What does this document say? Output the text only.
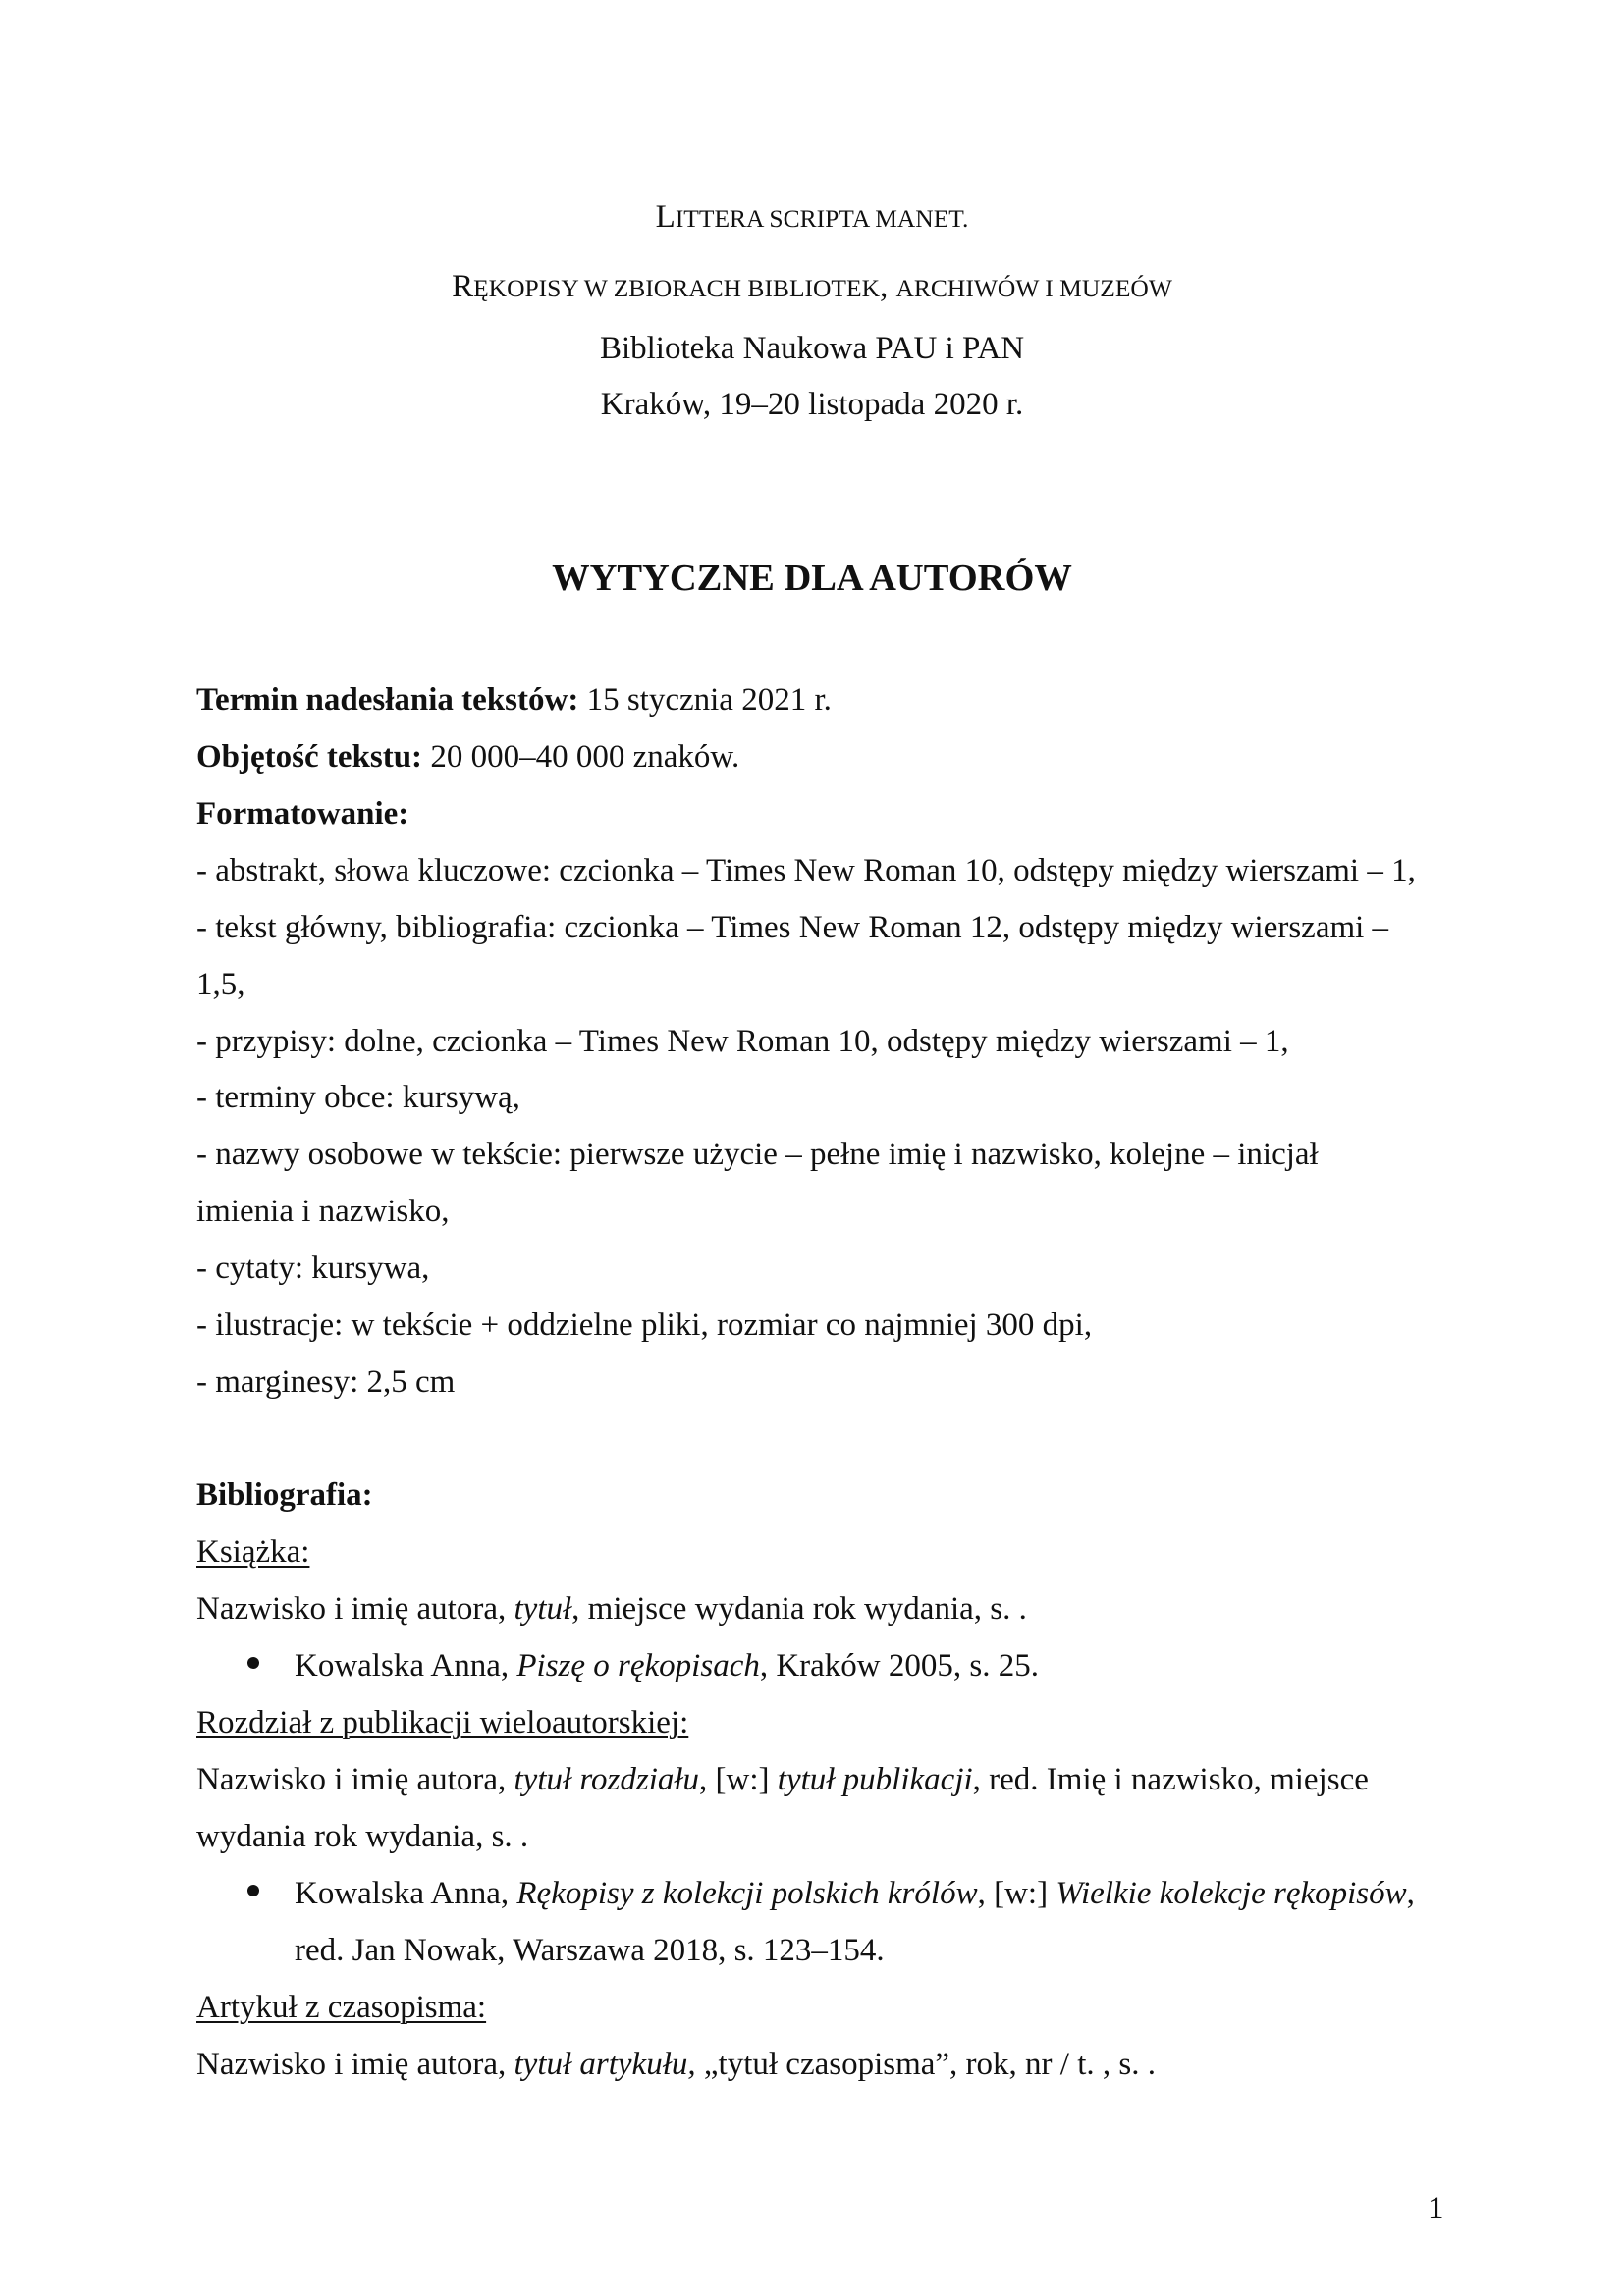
LITTERA SCRIPTA MANET.

RĘKOPISY W ZBIORACH BIBLIOTEK, ARCHIWÓW I MUZEÓW

Biblioteka Naukowa PAU i PAN

Kraków, 19–20 listopada 2020 r.

WYTYCZNE DLA AUTORÓW

Termin nadesłania tekstów: 15 stycznia 2021 r.

Objętość tekstu: 20 000–40 000 znaków.

Formatowanie:

- abstrakt, słowa kluczowe: czcionka – Times New Roman 10, odstępy między wierszami – 1,

- tekst główny, bibliografia: czcionka – Times New Roman 12, odstępy między wierszami –

1,5,

- przypisy: dolne, czcionka – Times New Roman 10, odstępy między wierszami – 1,

- terminy obce: kursywą,

- nazwy osobowe w tekście: pierwsze użycie – pełne imię i nazwisko, kolejne – inicjał

imienia i nazwisko,

- cytaty: kursywa,

- ilustracje: w tekście + oddzielne pliki, rozmiar co najmniej 300 dpi,

- marginesy: 2,5 cm

Bibliografia:

Książka:

Nazwisko i imię autora, tytuł, miejsce wydania rok wydania, s. .

Kowalska Anna, Piszę o rękopisach, Kraków 2005, s. 25.

Rozdział z publikacji wieloautorskiej:

Nazwisko i imię autora, tytuł rozdziału, [w:] tytuł publikacji, red. Imię i nazwisko, miejsce

wydania rok wydania, s. .

Kowalska Anna, Rękopisy z kolekcji polskich królów, [w:] Wielkie kolekcje rękopisów,

red. Jan Nowak, Warszawa 2018, s. 123–154.

Artykuł z czasopisma:

Nazwisko i imię autora, tytuł artykułu, „tytuł czasopisma”, rok, nr / t. , s. .

1
